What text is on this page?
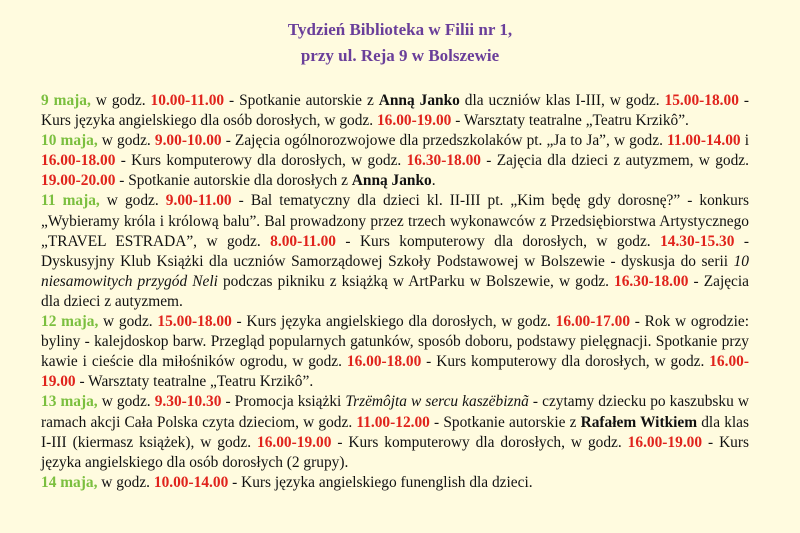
Tydzień Biblioteka w Filii nr 1,
przy ul. Reja 9 w Bolszewie

9 maja, w godz. 10.00-11.00 - Spotkanie autorskie z Anną Janko dla uczniów klas I-III, w godz. 15.00-18.00 - Kurs języka angielskiego dla osób dorosłych, w godz. 16.00-19.00 - Warsztaty teatralne „Teatru Krzikô”.

10 maja, w godz. 9.00-10.00 - Zajęcia ogólnorozwojowe dla przedszkolaków pt. „Ja to Ja”, w godz. 11.00-14.00 i 16.00-18.00 - Kurs komputerowy dla dorosłych, w godz. 16.30-18.00 - Zajęcia dla dzieci z autyzmem, w godz. 19.00-20.00 - Spotkanie autorskie dla dorosłych z Anną Janko.

11 maja, w godz. 9.00-11.00 - Bal tematyczny dla dzieci kl. II-III pt. „Kim będę gdy dorosnę?” - konkurs „Wybieramy króla i królową balu”. Bal prowadzony przez trzech wykonawców z Przedsiębiorstwa Artystycznego „TRAVEL ESTRADA”, w godz. 8.00-11.00 - Kurs komputerowy dla dorosłych, w godz. 14.30-15.30 - Dyskusyjny Klub Książki dla uczniów Samorządowej Szkoły Podstawowej w Bolszewie - dyskusja do serii 10 niesamowitych przygód Neli podczas pikniku z książką w ArtParku w Bolszewie, w godz. 16.30-18.00 - Zajęcia dla dzieci z autyzmem.

12 maja, w godz. 15.00-18.00 - Kurs języka angielskiego dla dorosłych, w godz. 16.00-17.00 - Rok w ogrodzie: byliny - kalejdoskop barw. Przegląd popularnych gatunków, sposób doboru, podstawy pielęgnacji. Spotkanie przy kawie i cieście dla miłośników ogrodu, w godz. 16.00-18.00 - Kurs komputerowy dla dorosłych, w godz. 16.00-19.00 - Warsztaty teatralne „Teatru Krzikô”.

13 maja, w godz. 9.30-10.30 - Promocja książki Trzëmôjta w sercu kaszëbiznã - czytamy dziecku po kaszubsku w ramach akcji Cała Polska czyta dzieciom, w godz. 11.00-12.00 - Spotkanie autorskie z Rafałem Witkiem dla klas I-III (kiermasz książek), w godz. 16.00-19.00 - Kurs komputerowy dla dorosłych, w godz. 16.00-19.00 - Kurs języka angielskiego dla osób dorosłych (2 grupy).

14 maja, w godz. 10.00-14.00 - Kurs języka angielskiego funenglish dla dzieci.
